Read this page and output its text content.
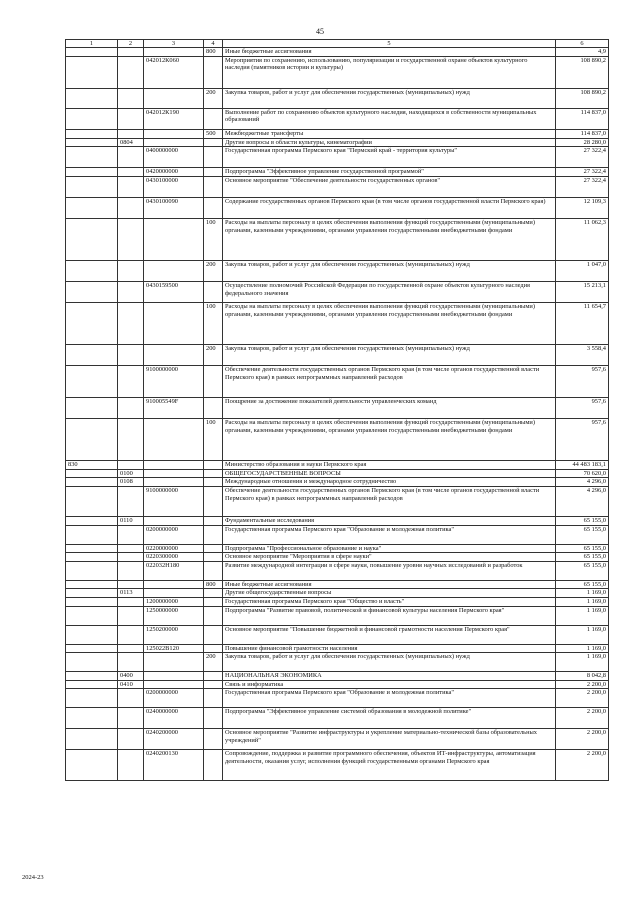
45
1	2	3	4	5	6
			800	Иные бюджетные ассигнования	4,9
		042012К060		Мероприятия по сохранению, использованию, популяризации и государственной охране объектов культурного наследия (памятников истории и культуры)	108 890,2
			200	Закупка товаров, работ и услуг для обеспечения государственных (муниципальных) нужд	108 890,2
		042012К190		Выполнение работ по сохранению объектов культурного наследия, находящихся в собственности муниципальных образований	114 837,0
			500	Межбюджетные трансферты	114 837,0
	0804			Другие вопросы в области культуры, кинематографии	28 280,0
		0400000000		Государственная программа Пермского края "Пермский край - территория культуры"	27 322,4
		0420000000		Подпрограмма "Эффективное управление государственной программой"	27 322,4
		0430100000		Основное мероприятие "Обеспечение деятельности государственных органов"	27 322,4
		0430100090		Содержание государственных органов Пермского края (в том числе органов государственной власти Пермского края)	12 109,3
			100	Расходы на выплаты персоналу в целях обеспечения выполнения функций государственными (муниципальными) органами, казенными учреждениями, органами управления государственными внебюджетными фондами	11 062,3
			200	Закупка товаров, работ и услуг для обеспечения государственных (муниципальных) нужд	1 047,0
		0430159500		Осуществление полномочий Российской Федерации по государственной охране объектов культурного наследия федерального значения	15 213,1
			100	Расходы на выплаты персоналу в целях обеспечения выполнения функций государственными (муниципальными) органами, казенными учреждениями, органами управления государственными внебюджетными фондами	11 654,7
			200	Закупка товаров, работ и услуг для обеспечения государственных (муниципальных) нужд	3 558,4
		9100000000		Обеспечение деятельности государственных органов Пермского края (в том числе органов государственной власти Пермского края) в рамках непрограммных направлений расходов	957,6
		910005549F		Поощрение за достижение показателей деятельности управленческих команд	957,6
			100	Расходы на выплаты персоналу в целях обеспечения выполнения функций государственными (муниципальными) органами, казенными учреждениями, органами управления государственными внебюджетными фондами	957,6
830				Министерство образования и науки Пермского края	44 483 183,1
	0100			ОБЩЕГОСУДАРСТВЕННЫЕ ВОПРОСЫ	70 620,0
	0108			Международные отношения и международное сотрудничество	4 296,0
		9100000000		Обеспечение деятельности государственных органов Пермского края (в том числе органов государственной власти Пермского края) в рамках непрограммных направлений расходов	4 296,0
	0110			Фундаментальные исследования	65 155,0
		0200000000		Государственная программа Пермского края "Образование и молодежная политика"	65 155,0
		0220000000		Подпрограмма "Профессиональное образование и наука"	65 155,0
		0220300000		Основное мероприятие "Мероприятия в сфере науки"	65 155,0
		022032Н180		Развитие международной интеграции в сфере науки, повышение уровня научных исследований и разработок	65 155,0
			800	Иные бюджетные ассигнования	65 155,0
	0113			Другие общегосударственные вопросы	1 169,0
		1200000000		Государственная программа Пермского края "Общество и власть"	1 169,0
		1250000000		Подпрограмма "Развитие правовой, политической и финансовой культуры населения Пермского края"	1 169,0
		1250200000		Основное мероприятие "Повышение бюджетной и финансовой грамотности населения Пермского края"	1 169,0
		125022В120		Повышение финансовой грамотности населения	1 169,0
			200	Закупка товаров, работ и услуг для обеспечения государственных (муниципальных) нужд	1 169,0
	0400			НАЦИОНАЛЬНАЯ ЭКОНОМИКА	8 042,8
	0410			Связь и информатика	2 200,0
		0200000000		Государственная программа Пермского края "Образование и молодежная политика"	2 200,0
		0240000000		Подпрограмма "Эффективное управление системой образования в молодежной политике"	2 200,0
		0240200000		Основное мероприятие "Развитие инфраструктуры и укрепление материально-технической базы образовательных учреждений"	2 200,0
		0240200130		Сопровождение, поддержка и развитие программного обеспечения, объектов ИТ-инфраструктуры, автоматизация деятельности, оказания услуг, исполнения функций государственными органами Пермского края	2 200,0
2024-23
